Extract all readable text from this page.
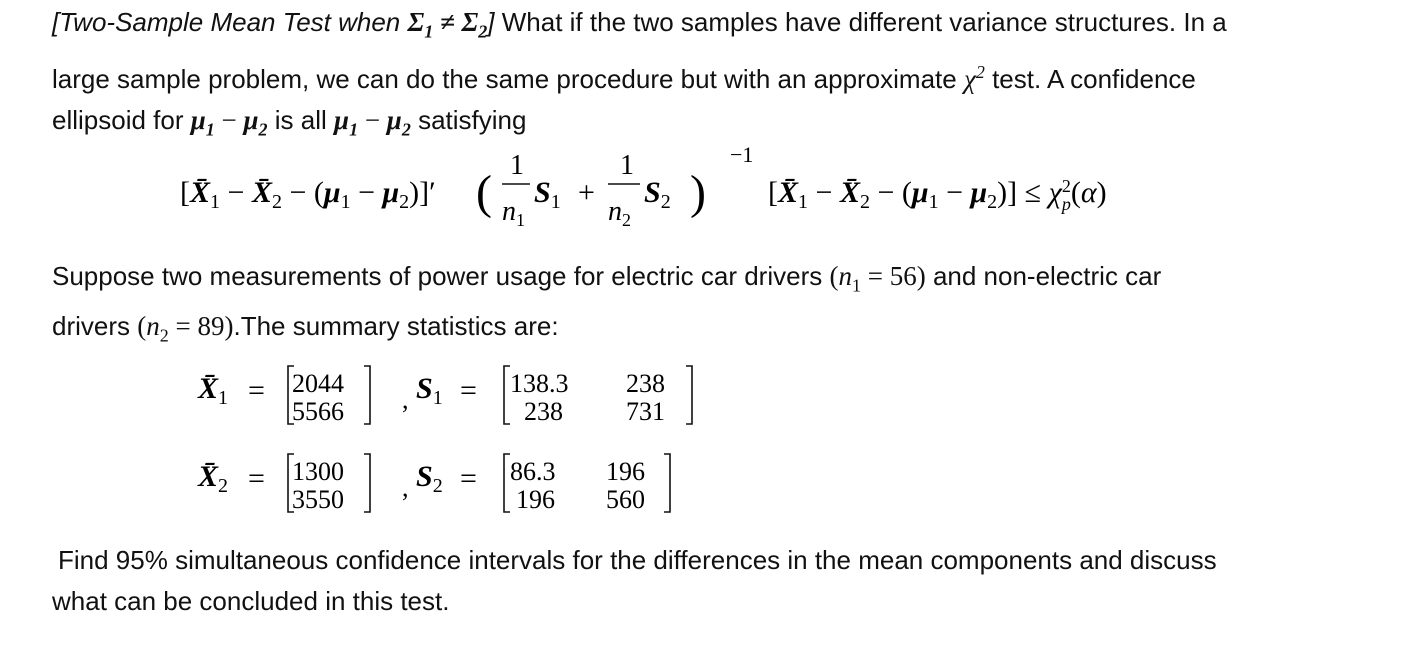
[Two-Sample Mean Test when $\Sigma_1 \ne \Sigma_2$] What if the two samples have different variance structures. In a
large sample problem, we can do the same procedure but with an approximate $\chi^2$ test. A confidence
ellipsoid for $\mu_1 - \mu_2$ is all $\mu_1 - \mu_2$ satisfying
[$X̄_1$ − $X̄_2 - (\mu_1 - \mu_2)]'$ (
1
$n_1$
$S_1$ +
1
$n_2$
$S_2$ )
−1
[$X̄_1$ − $X̄_2 - (\mu_1 - \mu_2)] \le \chi^2$ p(α)
Suppose two measurements of power usage for electric car drivers $(n_1 = 56)$ and non-electric car
drivers $(n_2 = 89).The$ summary statistics are:
$X̄_1 = 2044$
5566 , $S_1 = 138.3$ 238
238 731
$X̄_2 = 1300$
3550 , $S_2 = 86.3$ 196
196 560
Find 95% simultaneous confidence intervals for the differences in the mean components and discuss
what can be concluded in this test.
